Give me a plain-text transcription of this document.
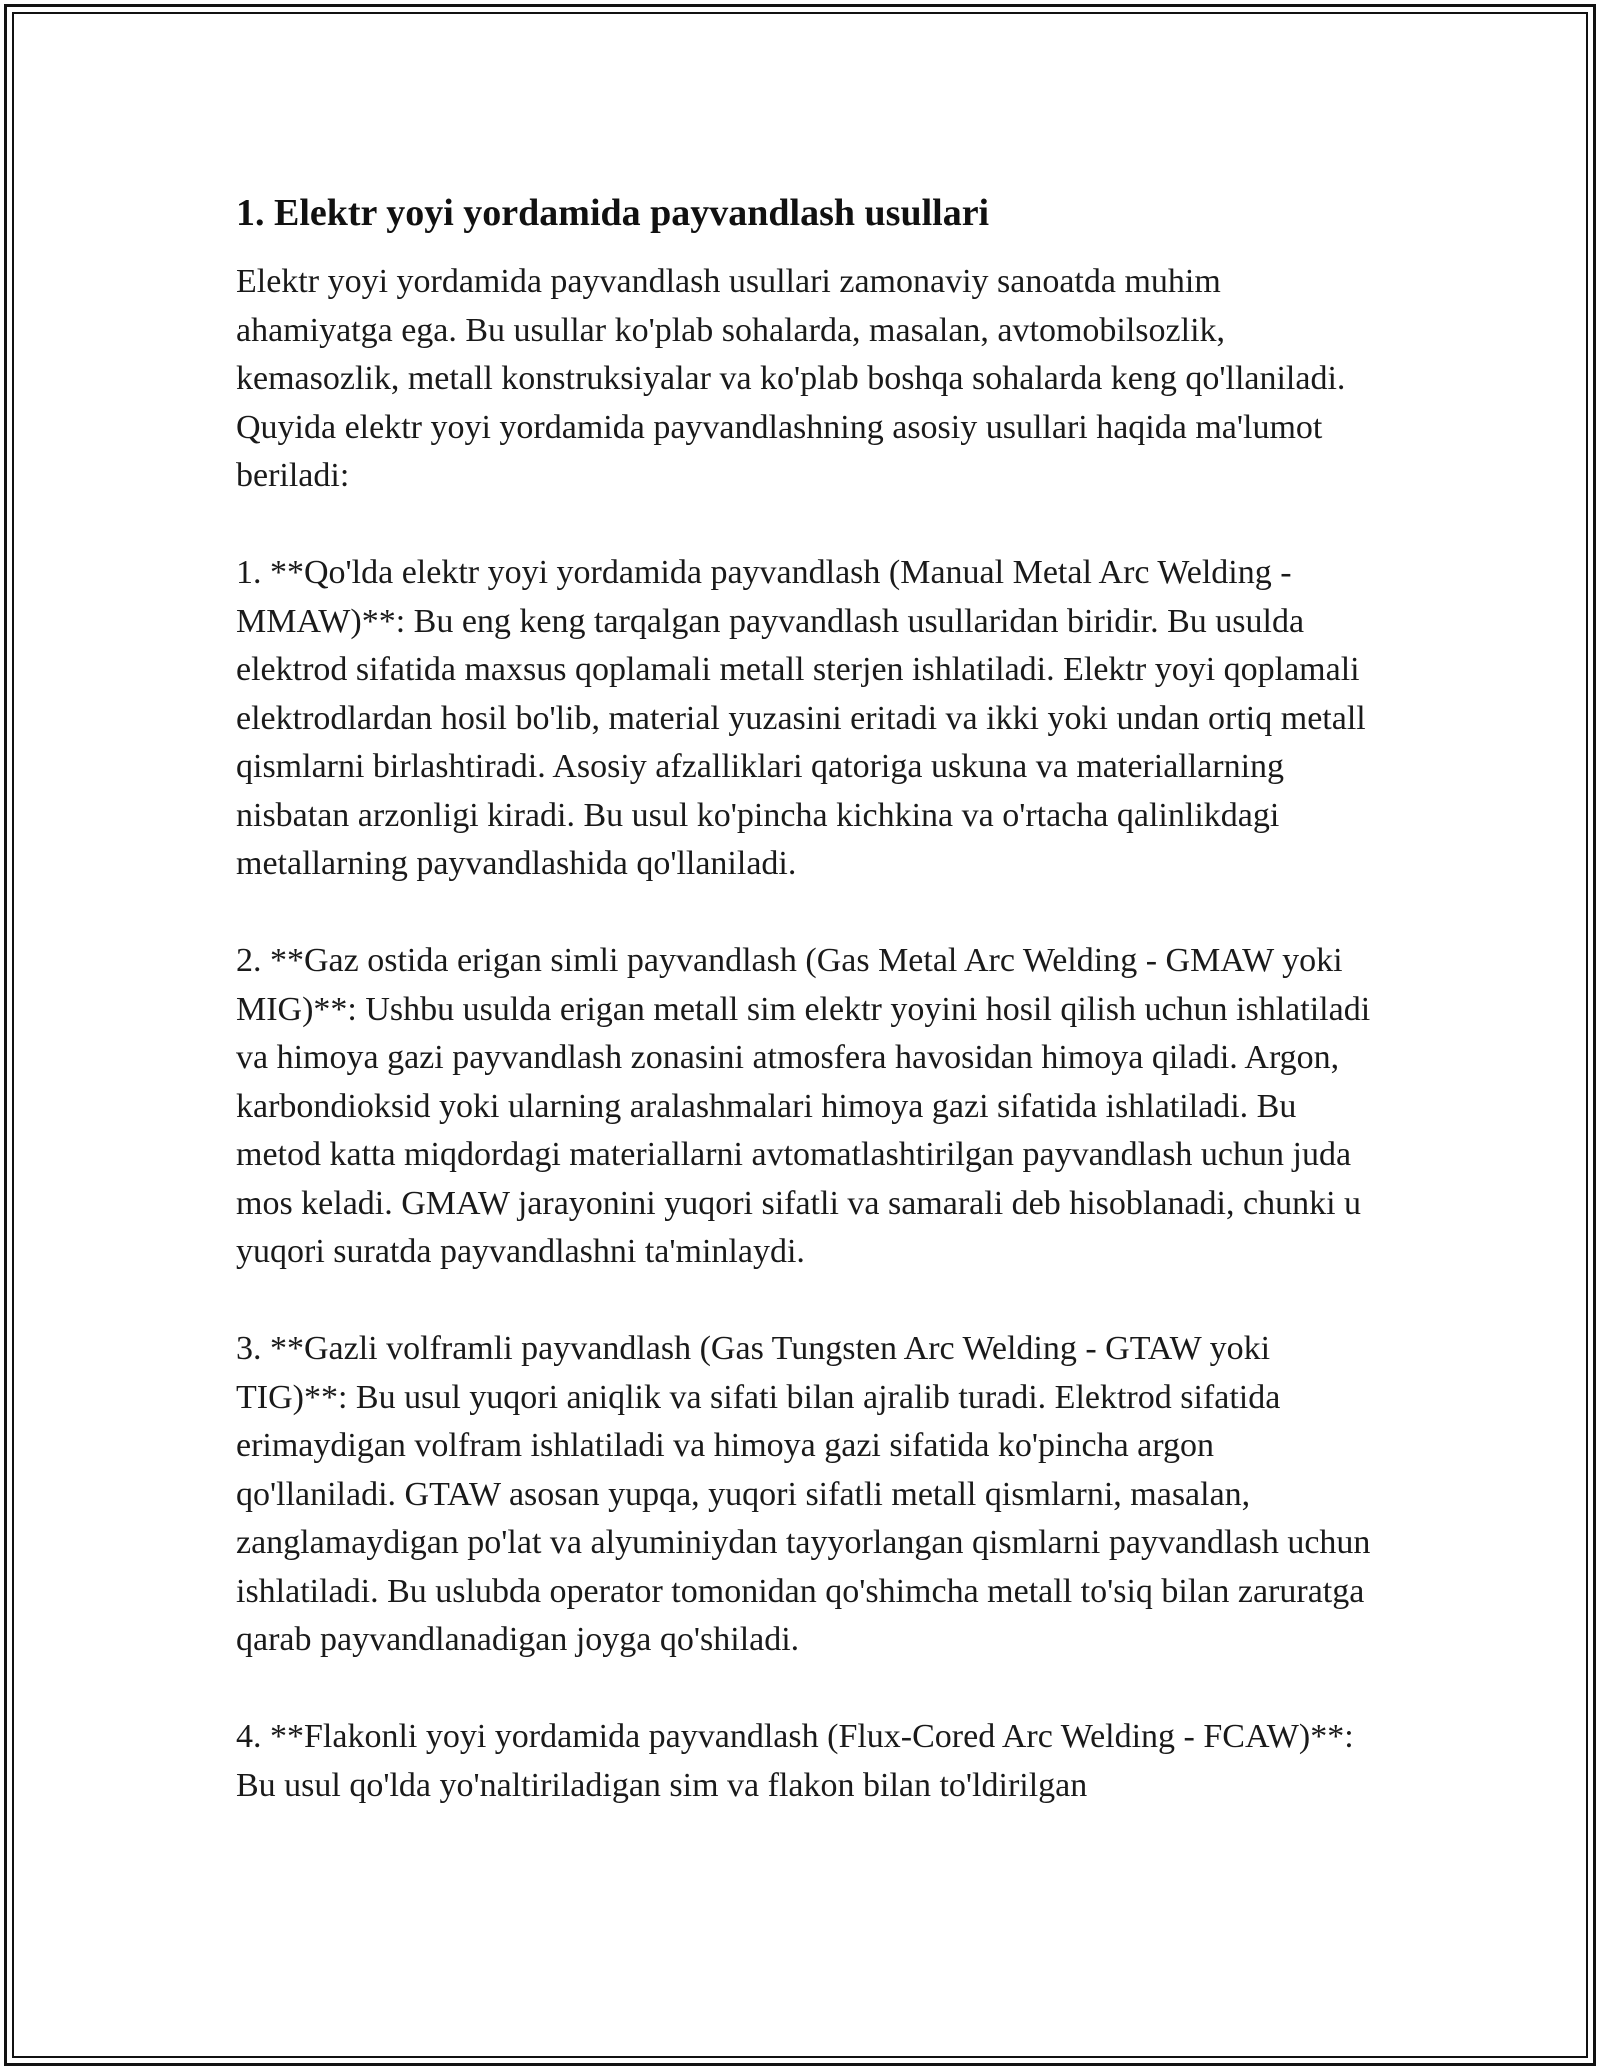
1. Elektr yoyi yordamida payvandlash usullari

Elektr yoyi yordamida payvandlash usullari zamonaviy sanoatda muhim ahamiyatga ega. Bu usullar ko'plab sohalarda, masalan, avtomobilsozlik, kemasozlik, metall konstruksiyalar va ko'plab boshqa sohalarda keng qo'llaniladi. Quyida elektr yoyi yordamida payvandlashning asosiy usullari haqida ma'lumot beriladi:

1. **Qo'lda elektr yoyi yordamida payvandlash (Manual Metal Arc Welding - MMAW)**: Bu eng keng tarqalgan payvandlash usullaridan biridir. Bu usulda elektrod sifatida maxsus qoplamali metall sterjen ishlatiladi. Elektr yoyi qoplamali elektrodlardan hosil bo'lib, material yuzasini eritadi va ikki yoki undan ortiq metall qismlarni birlashtiradi. Asosiy afzalliklari qatoriga uskuna va materiallarning nisbatan arzonligi kiradi. Bu usul ko'pincha kichkina va o'rtacha qalinlikdagi metallarning payvandlashida qo'llaniladi.

2. **Gaz ostida erigan simli payvandlash (Gas Metal Arc Welding - GMAW yoki MIG)**: Ushbu usulda erigan metall sim elektr yoyini hosil qilish uchun ishlatiladi va himoya gazi payvandlash zonasini atmosfera havosidan himoya qiladi. Argon, karbondioksid yoki ularning aralashmalari himoya gazi sifatida ishlatiladi. Bu metod katta miqdordagi materiallarni avtomatlashtirilgan payvandlash uchun juda mos keladi. GMAW jarayonini yuqori sifatli va samarali deb hisoblanadi, chunki u yuqori suratda payvandlashni ta'minlaydi.

3. **Gazli volframli payvandlash (Gas Tungsten Arc Welding - GTAW yoki TIG)**: Bu usul yuqori aniqlik va sifati bilan ajralib turadi. Elektrod sifatida erimaydigan volfram ishlatiladi va himoya gazi sifatida ko'pincha argon qo'llaniladi. GTAW asosan yupqa, yuqori sifatli metall qismlarni, masalan, zanglamaydigan po'lat va alyuminiydan tayyorlangan qismlarni payvandlash uchun ishlatiladi. Bu uslubda operator tomonidan qo'shimcha metall to'siq bilan zaruratga qarab payvandlanadigan joyga qo'shiladi.

4. **Flakonli yoyi yordamida payvandlash (Flux-Cored Arc Welding - FCAW)**: Bu usul qo'lda yo'naltiriladigan sim va flakon bilan to'ldirilgan
